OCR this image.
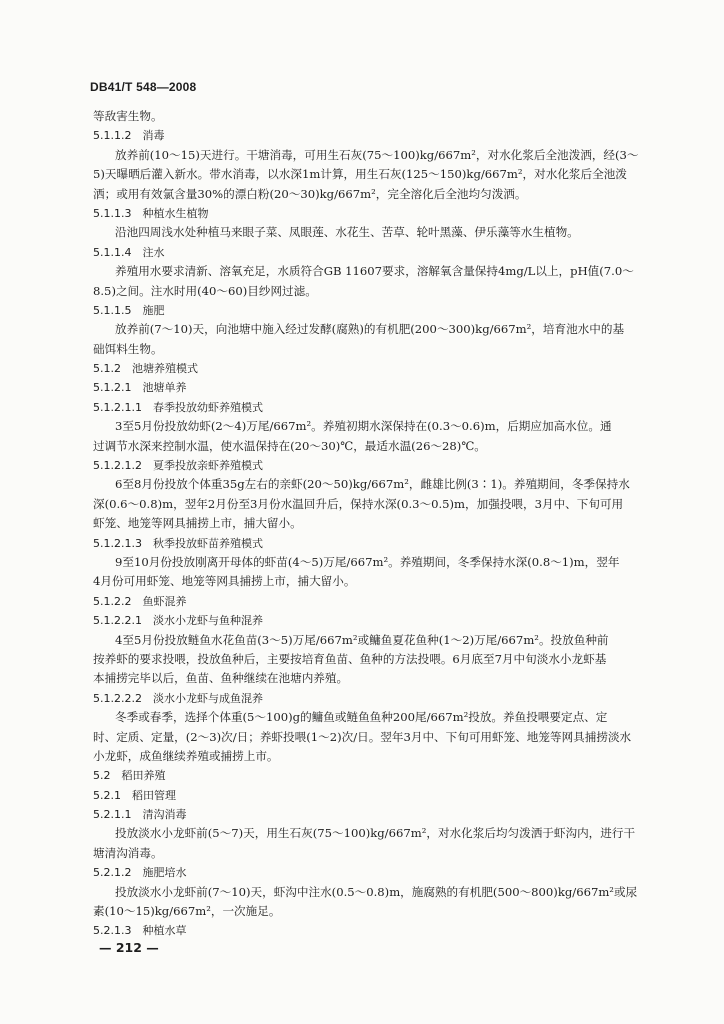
DB41/T 548—2008
等敌害生物。
5.1.1.2　消毒
放养前(10～15)天进行。干塘消毒，可用生石灰(75～100)kg/667m²，对水化浆后全池泼洒，经(3～
5)天曝晒后灌入新水。带水消毒，以水深1m计算，用生石灰(125～150)kg/667m²，对水化浆后全池泼
洒；或用有效氯含量30%的漂白粉(20～30)kg/667m²，完全溶化后全池均匀泼洒。
5.1.1.3　种植水生植物
沿池四周浅水处种植马来眼子菜、凤眼莲、水花生、苦草、轮叶黑藻、伊乐藻等水生植物。
5.1.1.4　注水
养殖用水要求清新、溶氧充足，水质符合GB 11607要求，溶解氧含量保持4mg/L以上，pH值(7.0～
8.5)之间。注水时用(40～60)目纱网过滤。
5.1.1.5　施肥
放养前(7～10)天，向池塘中施入经过发酵(腐熟)的有机肥(200～300)kg/667m²，培育池水中的基
础饵料生物。
5.1.2　池塘养殖模式
5.1.2.1　池塘单养
5.1.2.1.1　春季投放幼虾养殖模式
3至5月份投放幼虾(2～4)万尾/667m²。养殖初期水深保持在(0.3～0.6)m，后期应加高水位。通
过调节水深来控制水温，使水温保持在(20～30)℃，最适水温(26～28)℃。
5.1.2.1.2　夏季投放亲虾养殖模式
6至8月份投放个体重35g左右的亲虾(20～50)kg/667m²，雌雄比例(3∶1)。养殖期间，冬季保持水
深(0.6～0.8)m，翌年2月份至3月份水温回升后，保持水深(0.3～0.5)m，加强投喂，3月中、下旬可用
虾笼、地笼等网具捕捞上市，捕大留小。
5.1.2.1.3　秋季投放虾苗养殖模式
9至10月份投放刚离开母体的虾苗(4～5)万尾/667m²。养殖期间，冬季保持水深(0.8～1)m，翌年
4月份可用虾笼、地笼等网具捕捞上市，捕大留小。
5.1.2.2　鱼虾混养
5.1.2.2.1　淡水小龙虾与鱼种混养
4至5月份投放鲢鱼水花鱼苗(3～5)万尾/667m²或鳙鱼夏花鱼种(1～2)万尾/667m²。投放鱼种前
按养虾的要求投喂，投放鱼种后，主要按培育鱼苗、鱼种的方法投喂。6月底至7月中旬淡水小龙虾基
本捕捞完毕以后，鱼苗、鱼种继续在池塘内养殖。
5.1.2.2.2　淡水小龙虾与成鱼混养
冬季或春季，选择个体重(5～100)g的鳙鱼或鲢鱼鱼种200尾/667m²投放。养鱼投喂要定点、定
时、定质、定量，(2～3)次/日；养虾投喂(1～2)次/日。翌年3月中、下旬可用虾笼、地笼等网具捕捞淡水
小龙虾，成鱼继续养殖或捕捞上市。
5.2　稻田养殖
5.2.1　稻田管理
5.2.1.1　清沟消毒
投放淡水小龙虾前(5～7)天，用生石灰(75～100)kg/667m²，对水化浆后均匀泼洒于虾沟内，进行干
塘清沟消毒。
5.2.1.2　施肥培水
投放淡水小龙虾前(7～10)天，虾沟中注水(0.5～0.8)m，施腐熟的有机肥(500～800)kg/667m²或尿
素(10～15)kg/667m²，一次施足。
5.2.1.3　种植水草
— 212 —
